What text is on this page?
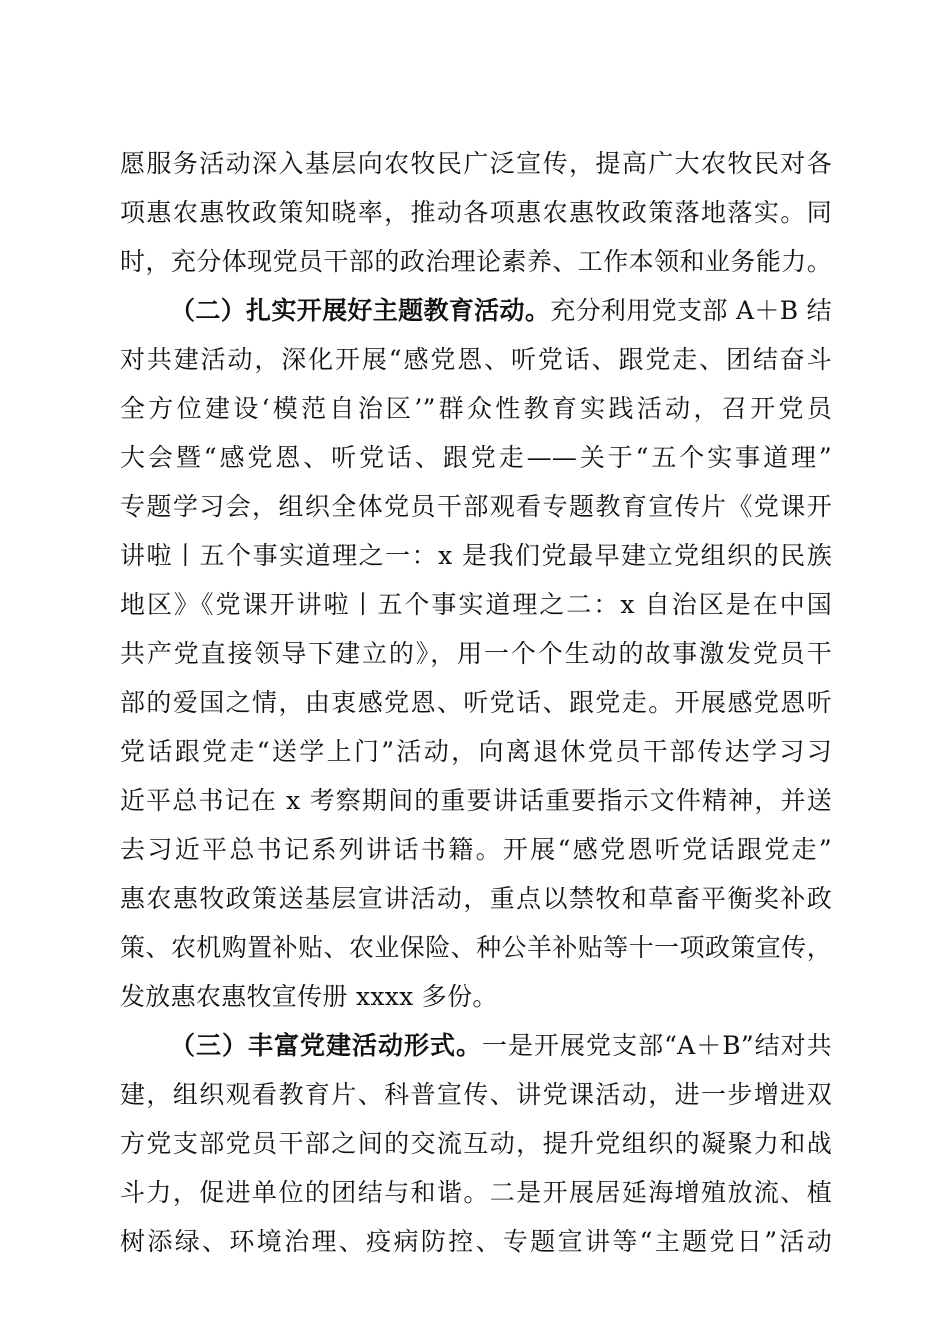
愿服务活动深入基层向农牧民广泛宣传，提高广大农牧民对各
项惠农惠牧政策知晓率，推动各项惠农惠牧政策落地落实。同
时，充分体现党员干部的政治理论素养、工作本领和业务能力。
（二）扎实开展好主题教育活动。充分利用党支部 A＋B 结
对共建活动，深化开展“感党恩、听党话、跟党走、团结奋斗
全方位建设‘模范自治区’”群众性教育实践活动，召开党员
大会暨“感党恩、听党话、跟党走——关于“五个实事道理”
专题学习会，组织全体党员干部观看专题教育宣传片《党课开
讲啦丨五个事实道理之一：x 是我们党最早建立党组织的民族
地区》《党课开讲啦丨五个事实道理之二：x 自治区是在中国
共产党直接领导下建立的》，用一个个生动的故事激发党员干
部的爱国之情，由衷感党恩、听党话、跟党走。开展感党恩听
党话跟党走“送学上门”活动，向离退休党员干部传达学习习
近平总书记在 x 考察期间的重要讲话重要指示文件精神，并送
去习近平总书记系列讲话书籍。开展“感党恩听党话跟党走”
惠农惠牧政策送基层宣讲活动，重点以禁牧和草畜平衡奖补政
策、农机购置补贴、农业保险、种公羊补贴等十一项政策宣传，
发放惠农惠牧宣传册 xxxx 多份。
（三）丰富党建活动形式。一是开展党支部“A＋B”结对共
建，组织观看教育片、科普宣传、讲党课活动，进一步增进双
方党支部党员干部之间的交流互动，提升党组织的凝聚力和战
斗力，促进单位的团结与和谐。二是开展居延海增殖放流、植
树添绿、环境治理、疫病防控、专题宣讲等“主题党日”活动
